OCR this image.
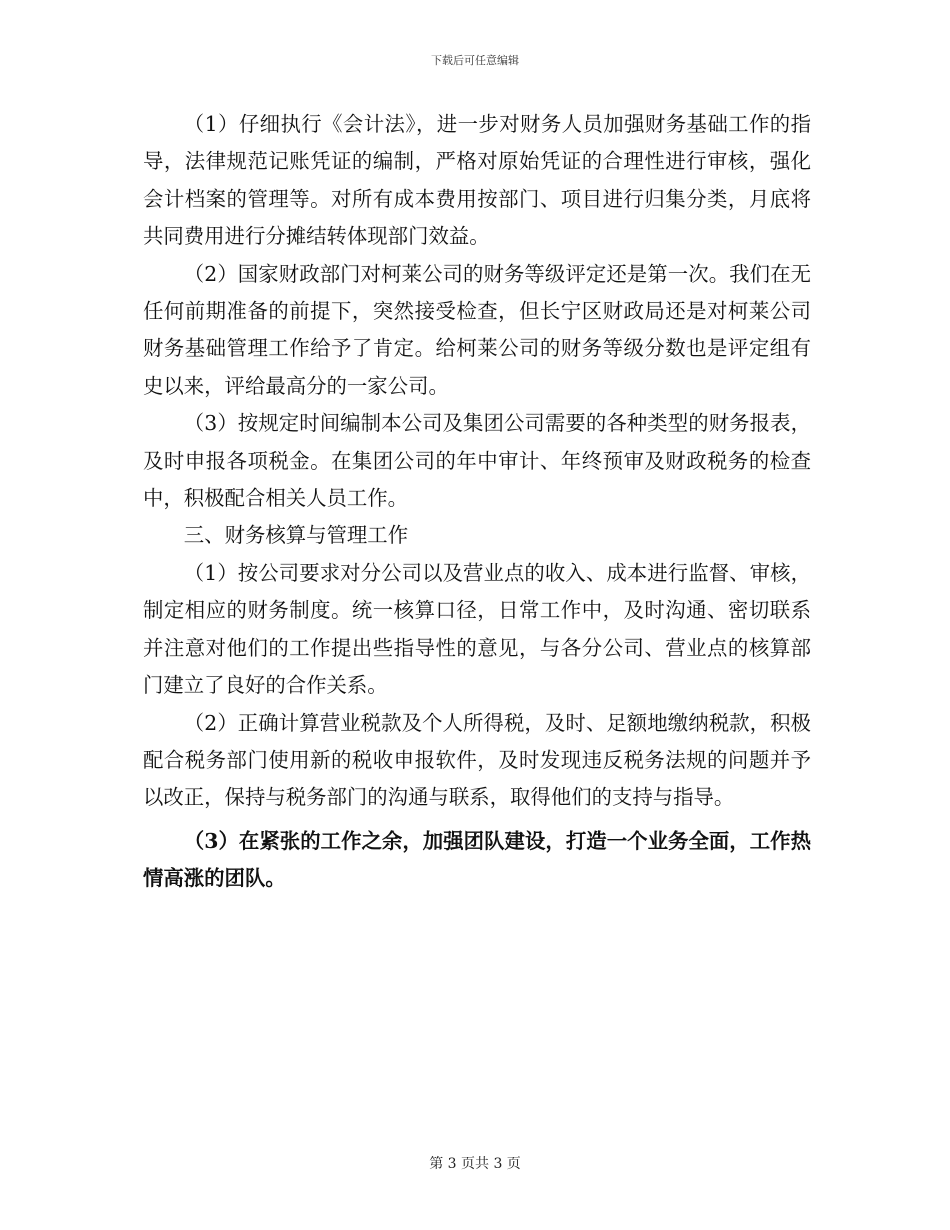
下载后可任意编辑

（1）仔细执行《会计法》，进一步对财务人员加强财务基础工作的指导，法律规范记账凭证的编制，严格对原始凭证的合理性进行审核，强化会计档案的管理等。对所有成本费用按部门、项目进行归集分类，月底将共同费用进行分摊结转体现部门效益。

（2）国家财政部门对柯莱公司的财务等级评定还是第一次。我们在无任何前期准备的前提下，突然接受检查，但长宁区财政局还是对柯莱公司财务基础管理工作给予了肯定。给柯莱公司的财务等级分数也是评定组有史以来，评给最高分的一家公司。

（3）按规定时间编制本公司及集团公司需要的各种类型的财务报表，及时申报各项税金。在集团公司的年中审计、年终预审及财政税务的检查中，积极配合相关人员工作。

三、财务核算与管理工作

（1）按公司要求对分公司以及营业点的收入、成本进行监督、审核，制定相应的财务制度。统一核算口径，日常工作中，及时沟通、密切联系并注意对他们的工作提出些指导性的意见，与各分公司、营业点的核算部门建立了良好的合作关系。

（2）正确计算营业税款及个人所得税，及时、足额地缴纳税款，积极配合税务部门使用新的税收申报软件，及时发现违反税务法规的问题并予以改正，保持与税务部门的沟通与联系，取得他们的支持与指导。

（3）在紧张的工作之余，加强团队建设，打造一个业务全面，工作热情高涨的团队。

第 3 页共 3 页
